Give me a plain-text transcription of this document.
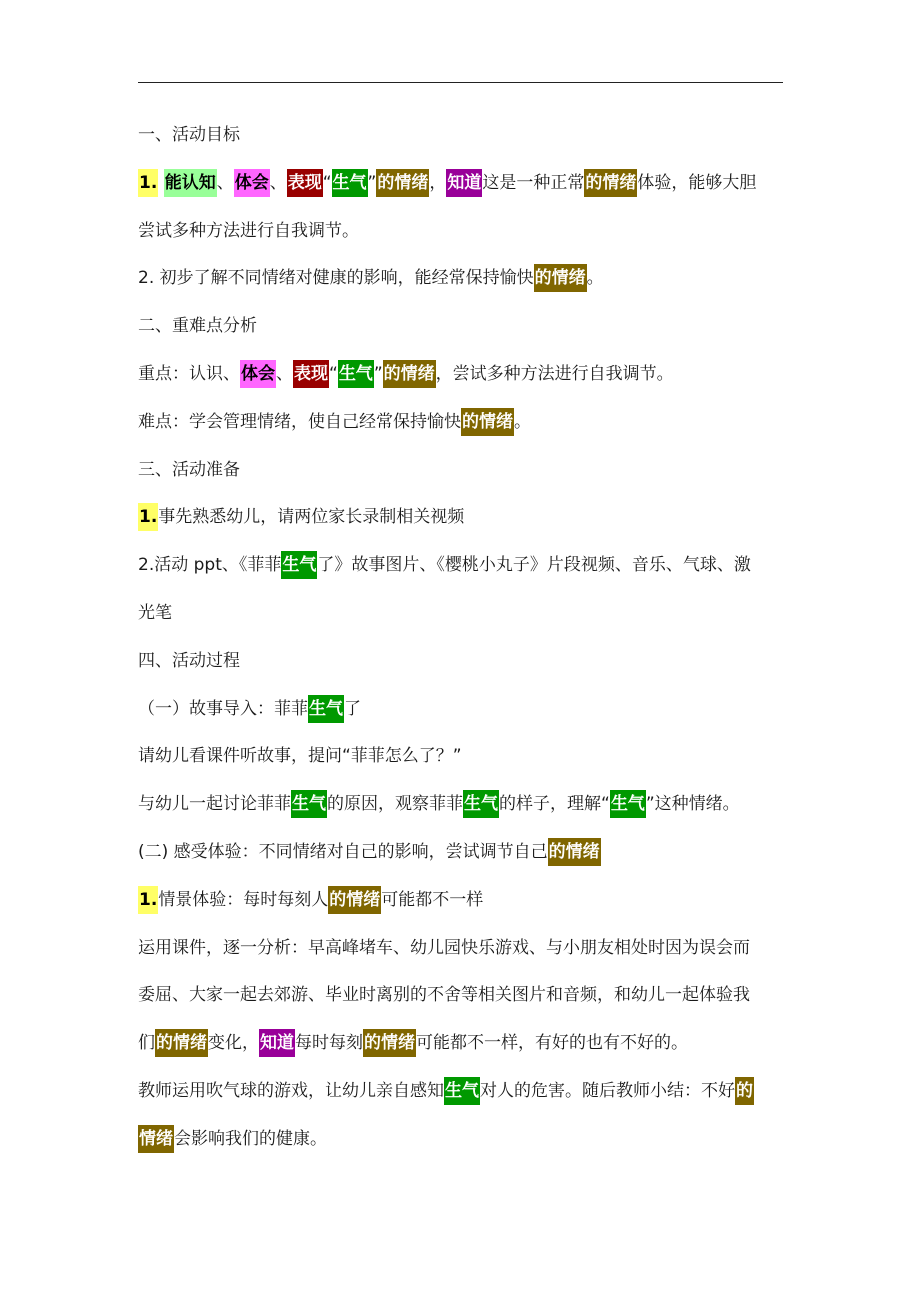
一、活动目标
1. 能认知、体会、表现“生气”的情绪，知道这是一种正常的情绪体验，能够大胆
尝试多种方法进行自我调节。
2. 初步了解不同情绪对健康的影响，能经常保持愉快的情绪。
二、重难点分析
重点：认识、体会、表现“生气”的情绪，尝试多种方法进行自我调节。
难点：学会管理情绪，使自己经常保持愉快的情绪。
三、活动准备
1.事先熟悉幼儿，请两位家长录制相关视频
2.活动 ppt、《菲菲生气了》故事图片、《樱桃小丸子》片段视频、音乐、气球、激
光笔
四、活动过程
（一）故事导入：菲菲生气了
请幼儿看课件听故事，提问“菲菲怎么了？”
与幼儿一起讨论菲菲生气的原因，观察菲菲生气的样子，理解“生气”这种情绪。
(二) 感受体验：不同情绪对自己的影响，尝试调节自己的情绪
1.情景体验：每时每刻人的情绪可能都不一样
运用课件，逐一分析：早高峰堵车、幼儿园快乐游戏、与小朋友相处时因为误会而
委屈、大家一起去郊游、毕业时离别的不舍等相关图片和音频，和幼儿一起体验我
们的情绪变化，知道每时每刻的情绪可能都不一样，有好的也有不好的。
教师运用吹气球的游戏，让幼儿亲自感知生气对人的危害。随后教师小结：不好的
情绪会影响我们的健康。
